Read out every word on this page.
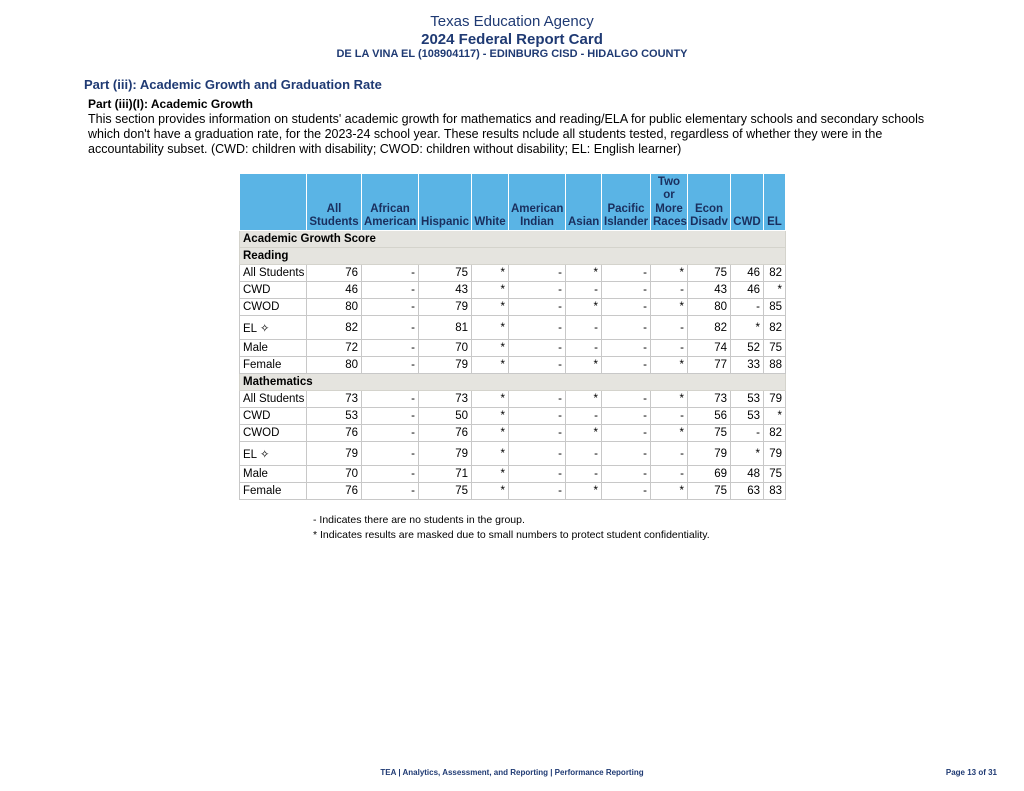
Texas Education Agency
2024 Federal Report Card
DE LA VINA EL (108904117) - EDINBURG CISD - HIDALGO COUNTY
Part (iii): Academic Growth and Graduation Rate
Part (iii)(I): Academic Growth
This section provides information on students' academic growth for mathematics and reading/ELA for public elementary schools and secondary schools which don't have a graduation rate, for the 2023-24 school year. These results nclude all students tested, regardless of whether they were in the accountability subset. (CWD: children with disability; CWOD: children without disability; EL: English learner)
	All Students	African American	Hispanic	White	American Indian	Asian	Pacific Islander	Two or More Races	Econ Disadv	CWD	EL
Academic Growth Score											
Reading											
All Students	76	-	75	*	-	*	-	*	75	46	82
CWD	46	-	43	*	-	-	-	-	43	46	*
CWOD	80	-	79	*	-	*	-	*	80	-	85
EL ✧	82	-	81	*	-	-	-	-	82	*	82
Male	72	-	70	*	-	-	-	-	74	52	75
Female	80	-	79	*	-	*	-	*	77	33	88
Mathematics											
All Students	73	-	73	*	-	*	-	*	73	53	79
CWD	53	-	50	*	-	-	-	-	56	53	*
CWOD	76	-	76	*	-	*	-	*	75	-	82
EL ✧	79	-	79	*	-	-	-	-	79	*	79
Male	70	-	71	*	-	-	-	-	69	48	75
Female	76	-	75	*	-	*	-	*	75	63	83
- Indicates there are no students in the group.
* Indicates results are masked due to small numbers to protect student confidentiality.
TEA | Analytics, Assessment, and Reporting | Performance Reporting	Page 13 of 31
